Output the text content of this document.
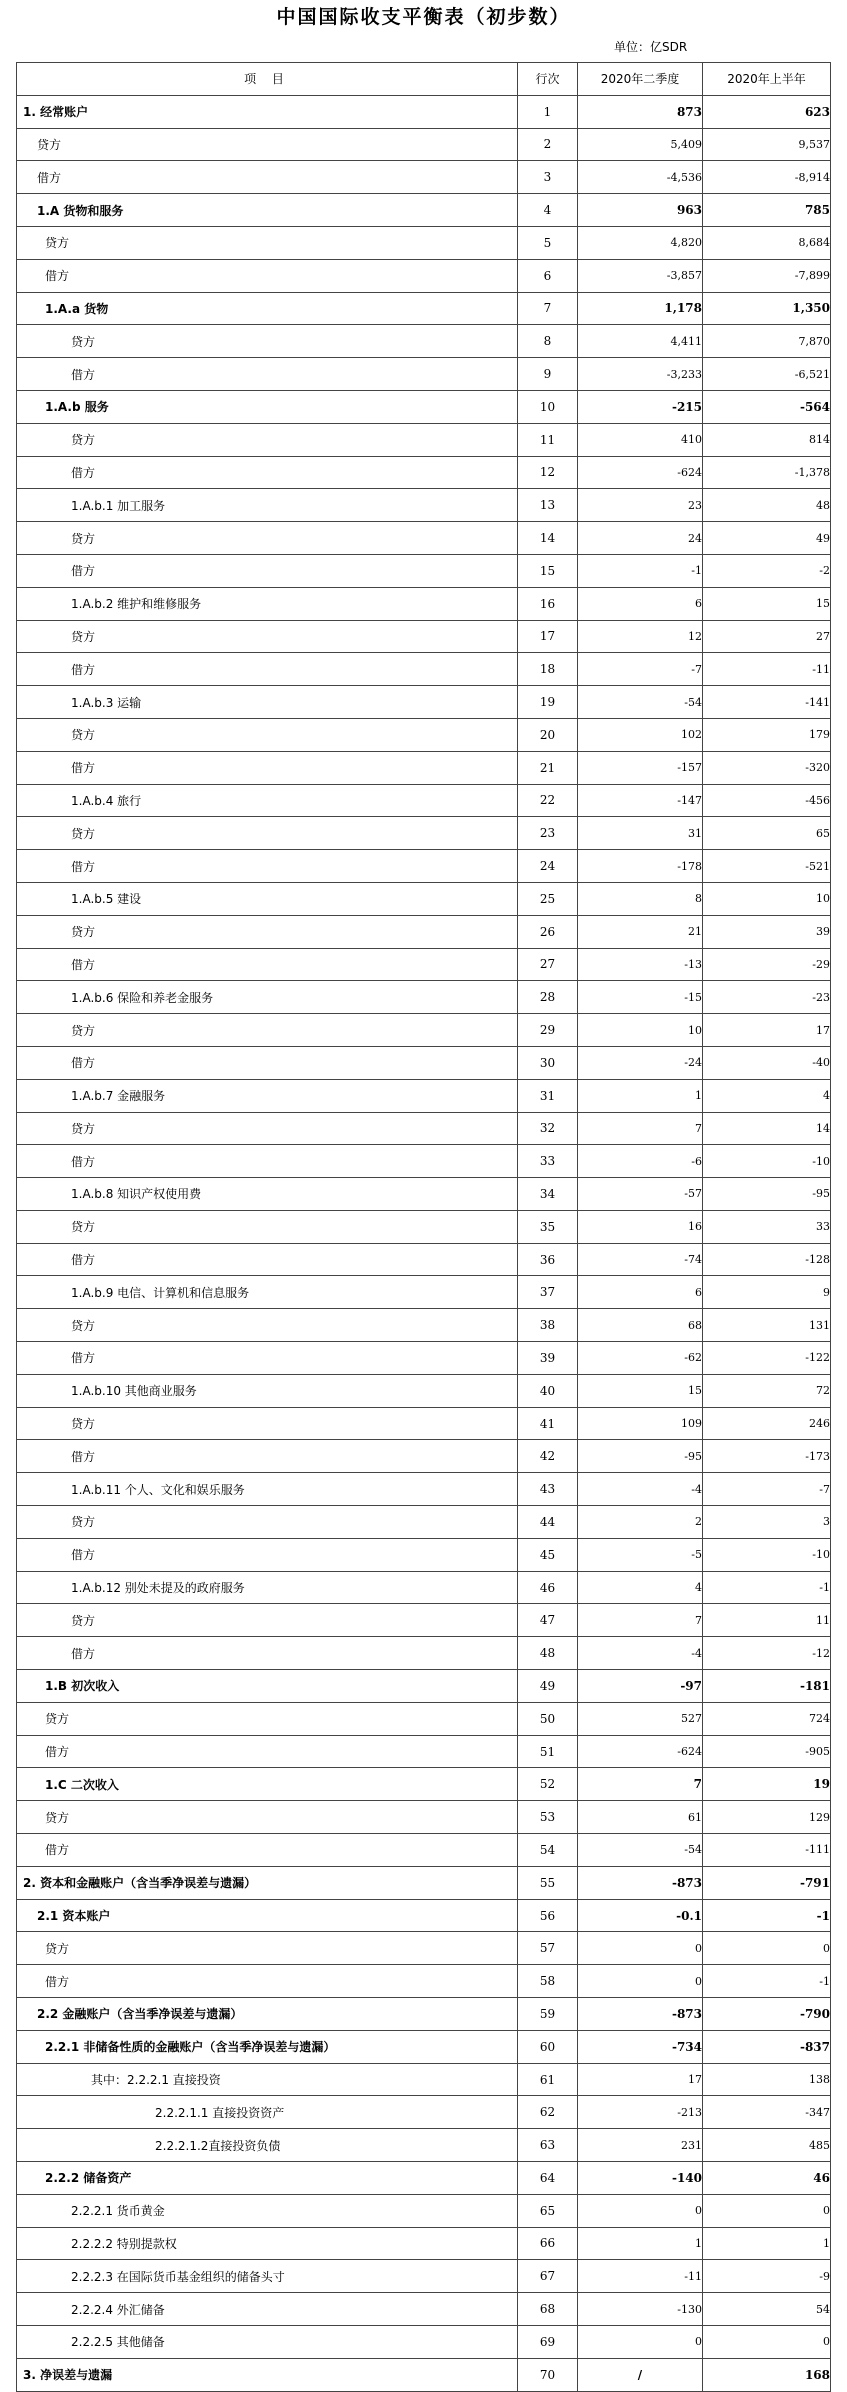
中国国际收支平衡表（初步数）
单位：亿SDR
项 目	行次	2020年二季度	2020年上半年
1. 经常账户	1	873	623
贷方	2	5,409	9,537
借方	3	-4,536	-8,914
1.A 货物和服务	4	963	785
贷方	5	4,820	8,684
借方	6	-3,857	-7,899
1.A.a 货物	7	1,178	1,350
贷方	8	4,411	7,870
借方	9	-3,233	-6,521
1.A.b 服务	10	-215	-564
贷方	11	410	814
借方	12	-624	-1,378
1.A.b.1 加工服务	13	23	48
贷方	14	24	49
借方	15	-1	-2
1.A.b.2 维护和维修服务	16	6	15
贷方	17	12	27
借方	18	-7	-11
1.A.b.3 运输	19	-54	-141
贷方	20	102	179
借方	21	-157	-320
1.A.b.4 旅行	22	-147	-456
贷方	23	31	65
借方	24	-178	-521
1.A.b.5 建设	25	8	10
贷方	26	21	39
借方	27	-13	-29
1.A.b.6 保险和养老金服务	28	-15	-23
贷方	29	10	17
借方	30	-24	-40
1.A.b.7 金融服务	31	1	4
贷方	32	7	14
借方	33	-6	-10
1.A.b.8 知识产权使用费	34	-57	-95
贷方	35	16	33
借方	36	-74	-128
1.A.b.9 电信、计算机和信息服务	37	6	9
贷方	38	68	131
借方	39	-62	-122
1.A.b.10 其他商业服务	40	15	72
贷方	41	109	246
借方	42	-95	-173
1.A.b.11 个人、文化和娱乐服务	43	-4	-7
贷方	44	2	3
借方	45	-5	-10
1.A.b.12 别处未提及的政府服务	46	4	-1
贷方	47	7	11
借方	48	-4	-12
1.B 初次收入	49	-97	-181
贷方	50	527	724
借方	51	-624	-905
1.C 二次收入	52	7	19
贷方	53	61	129
借方	54	-54	-111
2. 资本和金融账户（含当季净误差与遗漏）	55	-873	-791
2.1 资本账户	56	-0.1	-1
贷方	57	0	0
借方	58	0	-1
2.2 金融账户（含当季净误差与遗漏）	59	-873	-790
2.2.1 非储备性质的金融账户（含当季净误差与遗漏）	60	-734	-837
其中：2.2.2.1 直接投资	61	17	138
2.2.2.1.1 直接投资资产	62	-213	-347
2.2.2.1.2直接投资负债	63	231	485
2.2.2 储备资产	64	-140	46
2.2.2.1 货币黄金	65	0	0
2.2.2.2 特别提款权	66	1	1
2.2.2.3 在国际货币基金组织的储备头寸	67	-11	-9
2.2.2.4 外汇储备	68	-130	54
2.2.2.5 其他储备	69	0	0
3. 净误差与遗漏	70	/	168
